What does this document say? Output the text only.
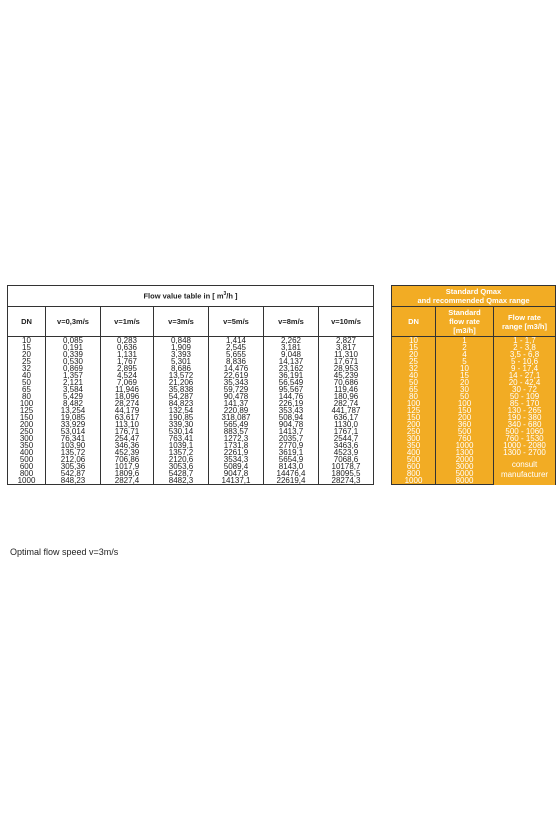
Flow value table in [ $m^3/h$ ]						
DN	v=0,3m/s	v=1m/s	v=3m/s	v=5m/s	v=8m/s	v=10m/s
10	0,085	0,283	0,848	1,414	2,262	2,827
15	0,191	0,636	1,909	2,545	3,181	3,817
20	0,339	1,131	3,393	5,655	9,048	11,310
25	0,530	1,767	5,301	8,836	14,137	17,671
32	0,869	2,895	8,686	14,476	23,162	28,953
40	1,357	4,524	13,572	22,619	36,191	45,239
50	2,121	7,069	21,206	35,343	56,549	70,686
65	3,584	11,946	35,838	59,729	95,567	119,46
80	5,429	18,096	54,287	90,478	144,76	180,96
100	8,482	28,274	84,823	141,37	226,19	282,74
125	13,254	44,179	132,54	220,89	353,43	441,787
150	19,085	63,617	190,85	318,087	508,94	636,17
200	33,929	113,10	339,30	565,49	904,78	1130,0
250	53,014	176,71	530,14	883,57	1413,7	1767,1
300	76,341	254,47	763,41	1272,3	2035,7	2544,7
350	103,90	346,36	1039,1	1731,8	2770,9	3463,6
400	135,72	452,39	1357,2	2261,9	3619,1	4523,9
500	212,06	706,86	2120,6	3534,3	5654,9	7068,6
600	305,36	1017,9	3053,6	5089,4	8143,0	10178,7
800	542,87	1809,6	5428,7	9047,8	14476,4	18095,5
1000	848,23	2827,4	8482,3	14137,1	22619,4	28274,3
Standard Qmax
and recommended Qmax range		
DN	Standard
flow rate
[m3/h]	Flow rate
range [m3/h]
10	1	1 - 1,7
15	2	2 - 3,8
20	4	3,5 - 6,8
25	5	5 - 10,6
32	10	9 - 17,4
40	15	14 - 27,1
50	20	20 - 42,4
65	30	30 - 72
80	50	50 - 109
100	100	85 - 170
125	150	130 - 265
150	200	190 - 380
200	360	340 - 680
250	500	500 - 1060
300	760	760 - 1530
350	1000	1000 - 2080
400	1300	1300 - 2700
500	2000	consult
manufacturer
600	3000	
800	5000	
1000	8000	
Optimal flow speed v=3m/s
